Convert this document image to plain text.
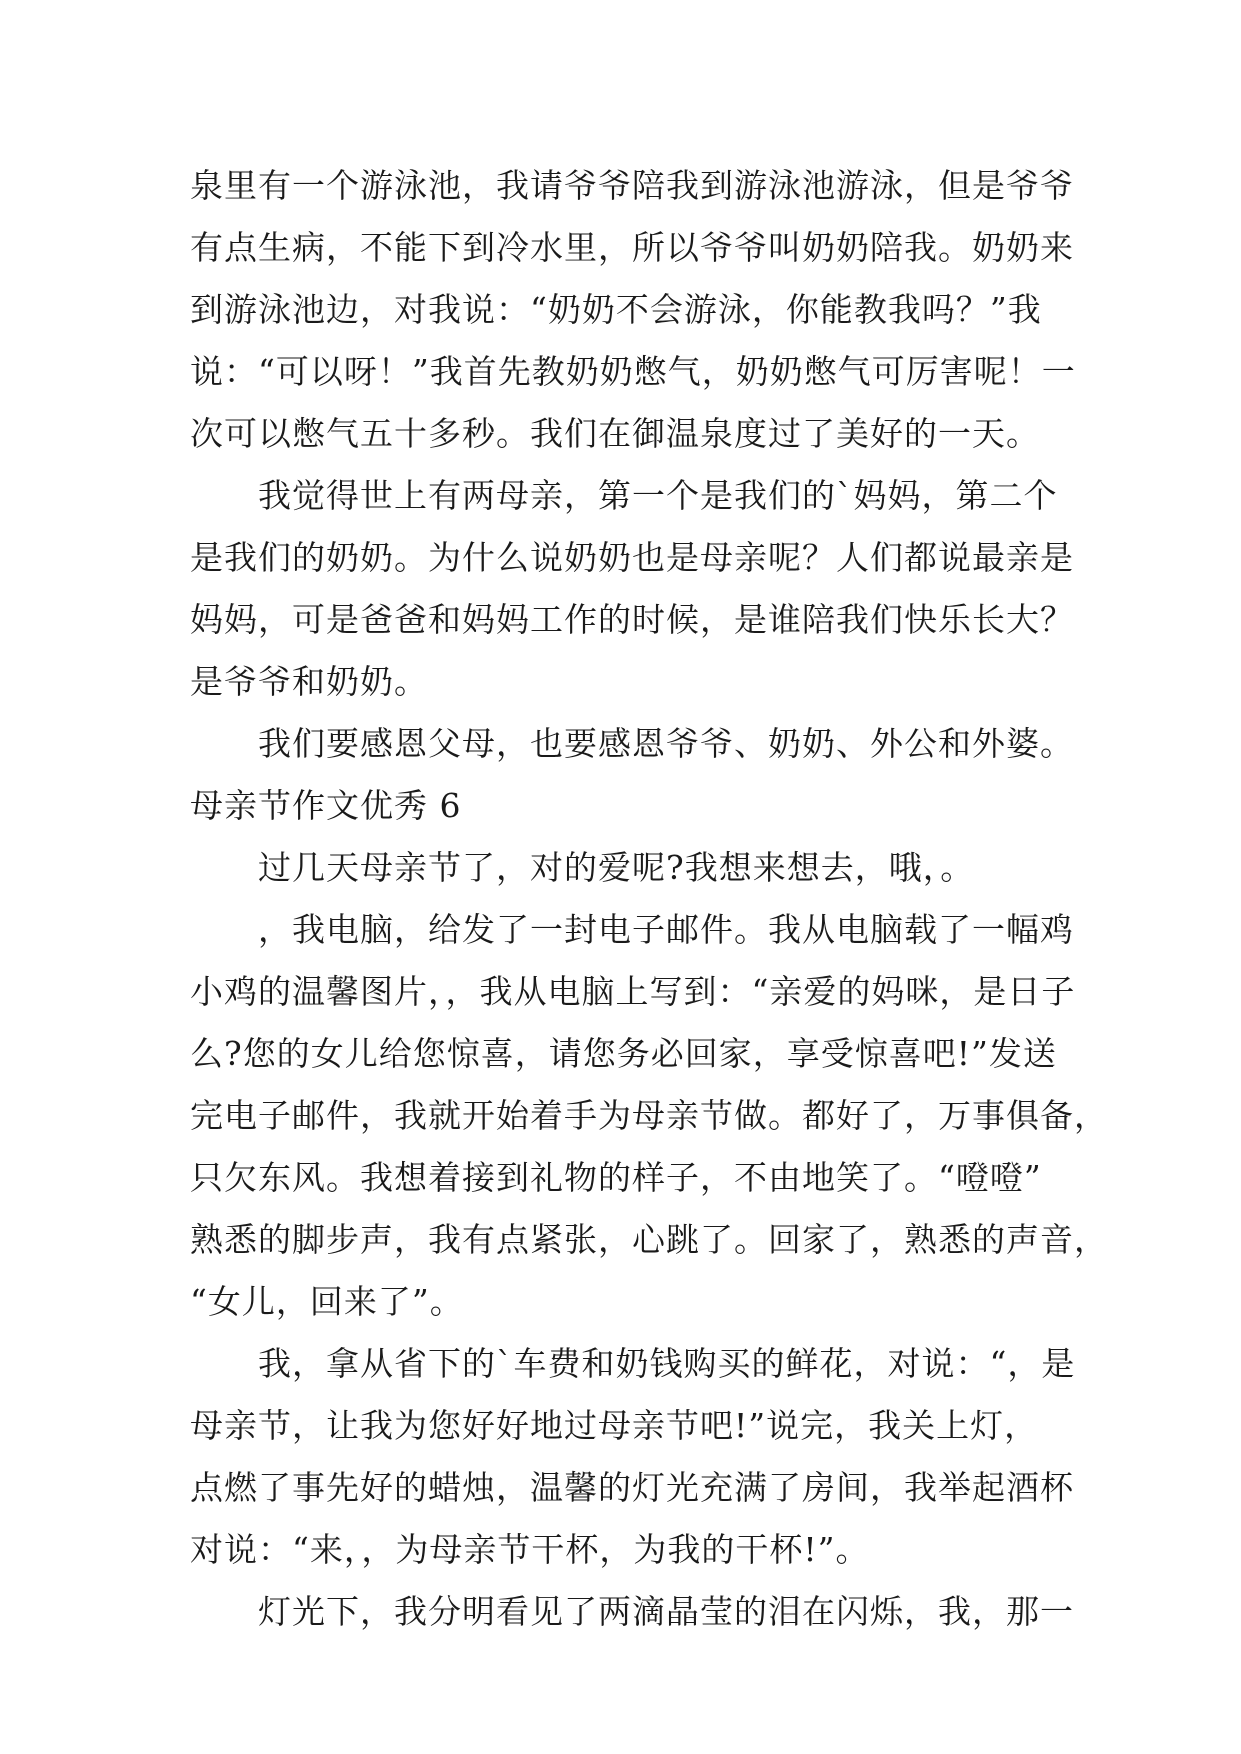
泉里有一个游泳池，我请爷爷陪我到游泳池游泳，但是爷爷
有点生病，不能下到冷水里，所以爷爷叫奶奶陪我。奶奶来
到游泳池边，对我说：“奶奶不会游泳，你能教我吗？”我
说：“可以呀！”我首先教奶奶憋气，奶奶憋气可厉害呢！一
次可以憋气五十多秒。我们在御温泉度过了美好的一天。
我觉得世上有两母亲，第一个是我们的`妈妈，第二个
是我们的奶奶。为什么说奶奶也是母亲呢？人们都说最亲是
妈妈，可是爸爸和妈妈工作的时候，是谁陪我们快乐长大？
是爷爷和奶奶。
我们要感恩父母，也要感恩爷爷、奶奶、外公和外婆。
母亲节作文优秀 6
过几天母亲节了，对的爱呢?我想来想去，哦，。
，我电脑，给发了一封电子邮件。我从电脑载了一幅鸡
小鸡的温馨图片，，我从电脑上写到：“亲爱的妈咪，是日子
么?您的女儿给您惊喜，请您务必回家，享受惊喜吧!”发送
完电子邮件，我就开始着手为母亲节做。都好了，万事俱备，
只欠东风。我想着接到礼物的样子，不由地笑了。“噔噔”
熟悉的脚步声，我有点紧张，心跳了。回家了，熟悉的声音，
“女儿，回来了”。
我，拿从省下的`车费和奶钱购买的鲜花，对说：“，是
母亲节，让我为您好好地过母亲节吧!”说完，我关上灯，
点燃了事先好的蜡烛，温馨的灯光充满了房间，我举起酒杯
对说：“来，，为母亲节干杯，为我的干杯!”。
灯光下，我分明看见了两滴晶莹的泪在闪烁，我，那一
